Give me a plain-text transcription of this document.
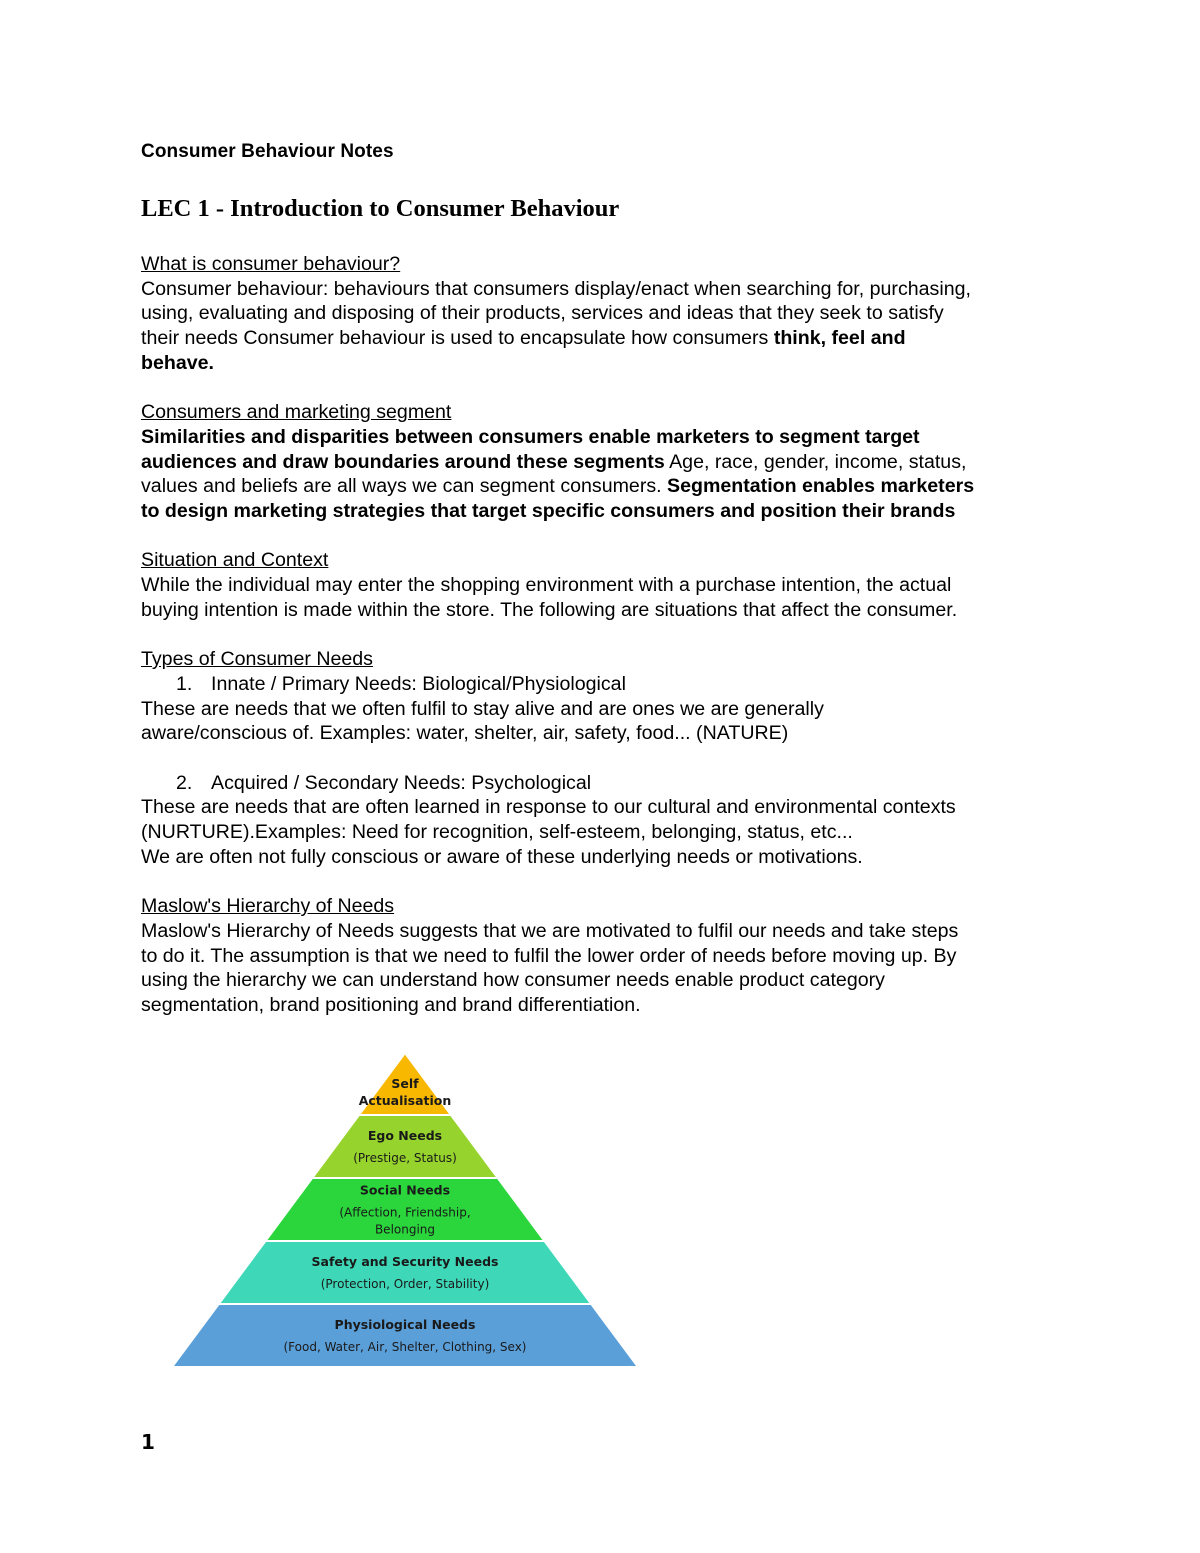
Consumer Behaviour Notes
LEC 1 - Introduction to Consumer Behaviour

What is consumer behaviour?

Consumer behaviour: behaviours that consumers display/enact when searching for, purchasing,

using, evaluating and disposing of their products, services and ideas that they seek to satisfy

their needs Consumer behaviour is used to encapsulate how consumers think, feel and

behave.

Consumers and marketing segment

Similarities and disparities between consumers enable marketers to segment target

audiences and draw boundaries around these segments Age, race, gender, income, status,

values and beliefs are all ways we can segment consumers. Segmentation enables marketers

to design marketing strategies that target specific consumers and position their brands

Situation and Context

While the individual may enter the shopping environment with a purchase intention, the actual

buying intention is made within the store. The following are situations that affect the consumer.

Types of Consumer Needs

1. Innate / Primary Needs: Biological/Physiological

These are needs that we often fulfil to stay alive and are ones we are generally

aware/conscious of. Examples: water, shelter, air, safety, food... (NATURE)

2. Acquired / Secondary Needs: Psychological

These are needs that are often learned in response to our cultural and environmental contexts

(NURTURE).Examples: Need for recognition, self-esteem, belonging, status, etc...

We are often not fully conscious or aware of these underlying needs or motivations.

Maslow's Hierarchy of Needs

Maslow's Hierarchy of Needs suggests that we are motivated to fulfil our needs and take steps

to do it. The assumption is that we need to fulfil the lower order of needs before moving up. By

using the hierarchy we can understand how consumer needs enable product category

segmentation, brand positioning and brand differentiation.

Self
Actualisation
Ego Needs
(Prestige, Status)
Social Needs
(Affection, Friendship,
Belonging
Safety and Security Needs
(Protection, Order, Stability)
Physiological Needs
(Food, Water, Air, Shelter, Clothing, Sex)
1
